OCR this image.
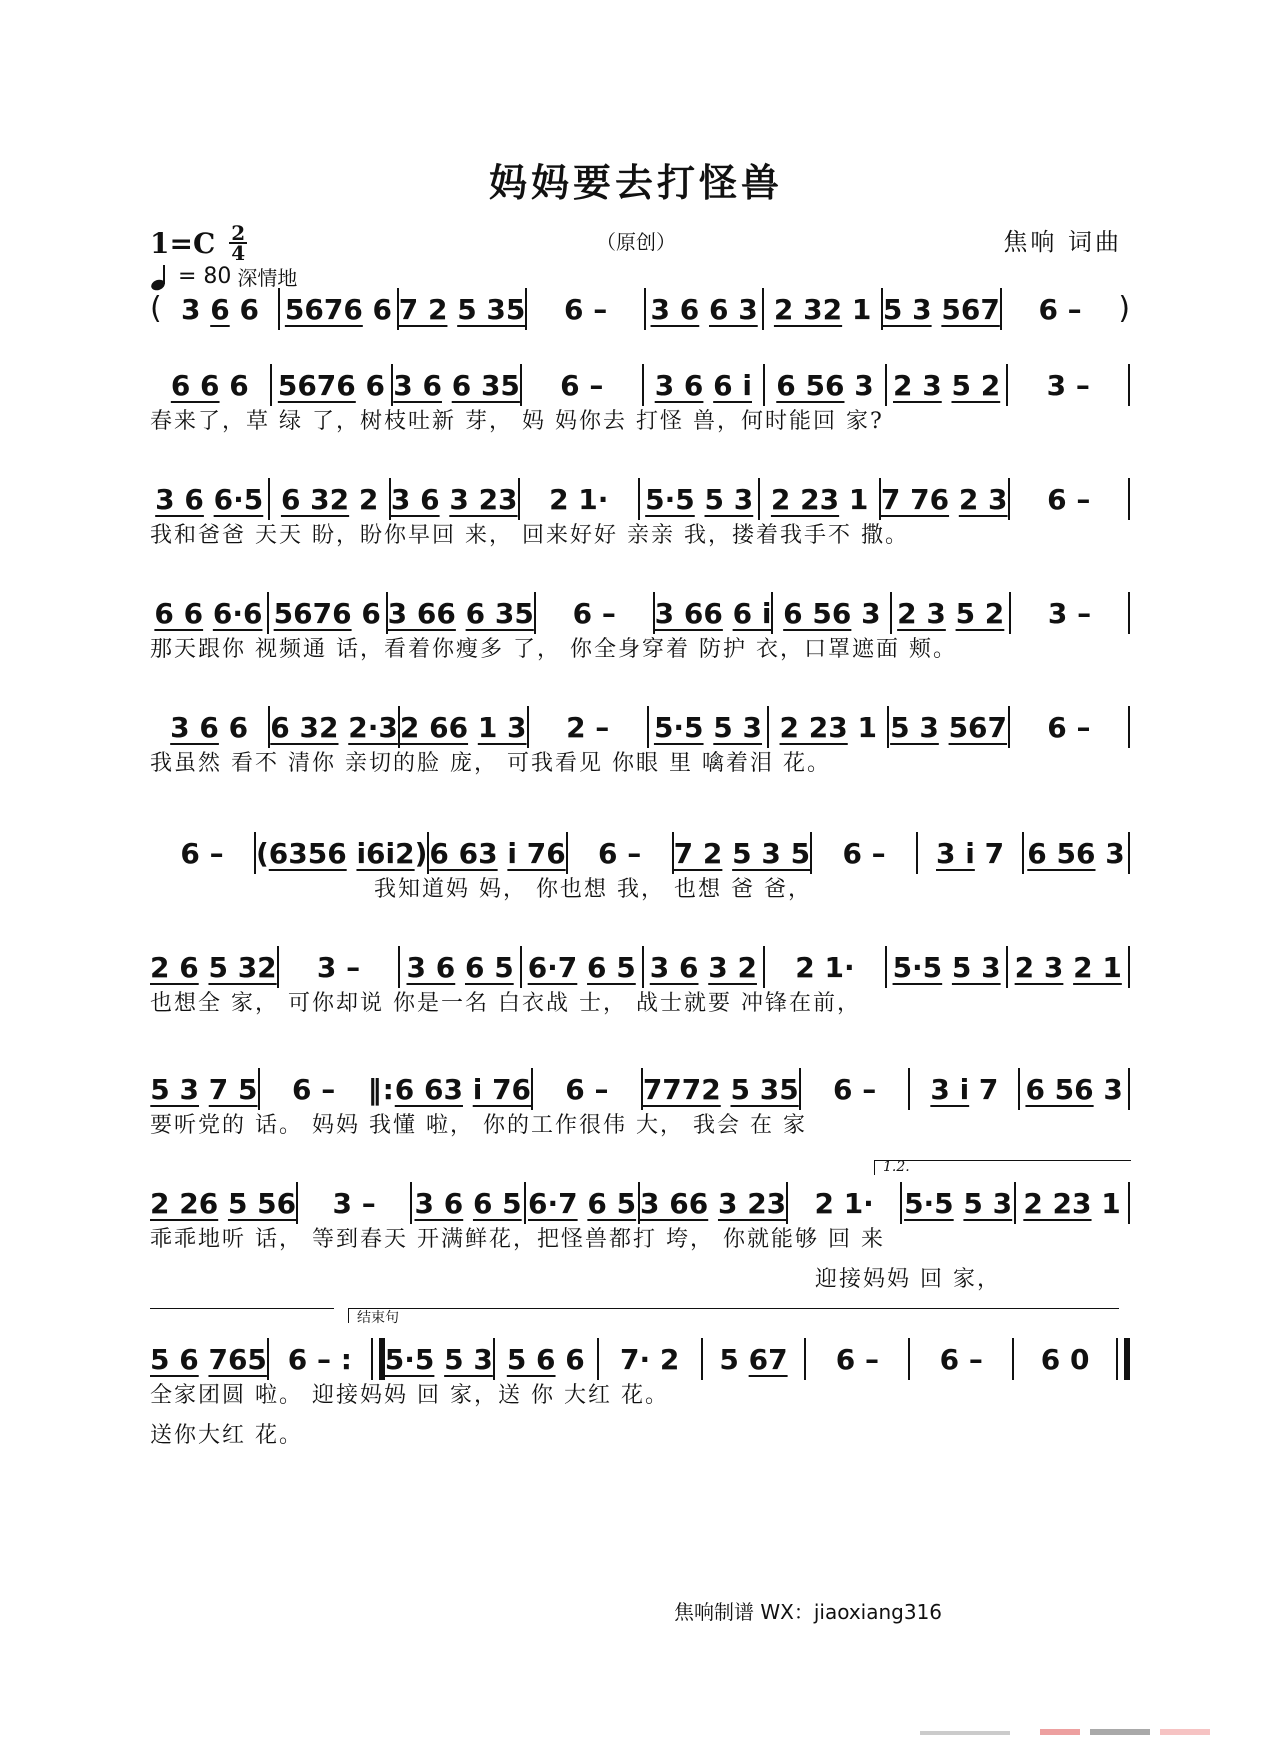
妈妈要去打怪兽
$1=C \frac{2}{4}$	（原创）	焦响 词曲
= 80 深情地
( 3 6 6 5676 6 7 2 5 35	6 –	3 6 6 3 2 32 1 5 3 567	6 –	)
6 6 6	5676 6 3 6 6 35	6 –	3 6 6 i 6 56 3 2 3 5 2	3 –
春来了，草 绿 了，树枝吐新 芽， 妈 妈你去 打怪 兽，何时能回 家?
3 6 6·5 6 32 2 3 6 3 23	2 1·	5·5 5 3 2 23 1 7 76 2 3	6 –
我和爸爸 天天 盼，盼你早回 来， 回来好好 亲亲 我，搂着我手不 撒。
6 6 6·6 5676 6 3 66 6 35	6 –	3 66 6 i 6 56 3 2 3 5 2	3 –
那天跟你 视频通 话，看着你瘦多 了， 你全身穿着 防护 衣，口罩遮面 颊。
3 6 6 6 32 2·3 2 66 1 3	2 –	5·5 5 3 2 23 1 5 3 567	6 –
我虽然 看不 清你 亲切的脸 庞， 可我看见 你眼 里 噙着泪 花。
6 –	(6356 i6i2) 6 63 i 76	6 –	7 2 5 3 5	6 –	3 i 7 6 56 3
我知道妈 妈， 你也想 我， 也想 爸 爸，
2 6 5 32	3 –	3 6 6 5 6·7 6 5 3 6 3 2	2 1·	5·5 5 3 2 3 2 1
也想全 家， 可你却说 你是一名 白衣战 士， 战士就要 冲锋在前，
5 3 7 5	6 –	‖: 6 63 i 76	6 –	7772 5 35	6 –	3 i 7 6 56 3
要听党的 话。 妈妈 我懂 啦， 你的工作很伟 大， 我会 在 家
1.2.
2 26 5 56	3 –	3 6 6 5 6·7 6 5 3 66 3 23	2 1·	5·5 5 3 2 23 1
乖乖地听 话， 等到春天 开满鲜花，把怪兽都打 垮， 你就能够 回 来
迎接妈妈 回 家，
结束句
5 6 765 6 – :	5·5 5 3 5 6 6	7· 2	5 67	6 –	6 –	6 0
全家团圆 啦。 迎接妈妈 回 家，送 你 大红 花。
送你大红 花。
焦响制谱 WX：jiaoxiang316
